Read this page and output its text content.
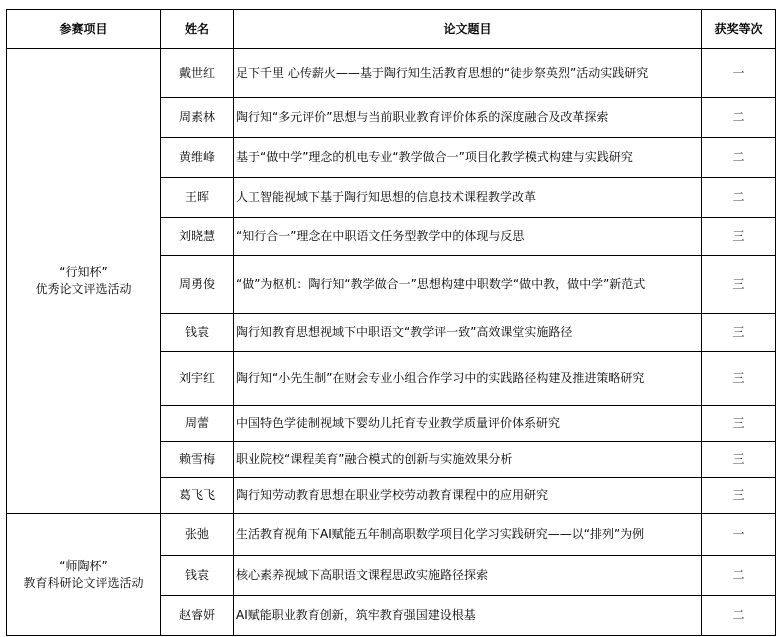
参赛项目	姓名	论文题目	获奖等次

“行知杯”
优秀论文评选活动	戴世红	足下千里 心传薪火——基于陶行知生活教育思想的“徒步祭英烈”活动实践研究	一
	周素林	陶行知“多元评价”思想与当前职业教育评价体系的深度融合及改革探索	二
	黄维峰	基于“做中学”理念的机电专业“教学做合一”项目化教学模式构建与实践研究	二
	王晖	人工智能视域下基于陶行知思想的信息技术课程教学改革	二
	刘晓慧	“知行合一”理念在中职语文任务型教学中的体现与反思	三
	周勇俊	“做”为枢机：陶行知“教学做合一”思想构建中职数学“做中教，做中学”新范式	三
	钱袁	陶行知教育思想视域下中职语文“教学评一致”高效课堂实施路径	三
	刘宇红	陶行知“小先生制”在财会专业小组合作学习中的实践路径构建及推进策略研究	三
	周蕾	中国特色学徒制视域下婴幼儿托育专业教学质量评价体系研究	三
	赖雪梅	职业院校“课程美育”融合模式的创新与实施效果分析	三
	葛飞飞	陶行知劳动教育思想在职业学校劳动教育课程中的应用研究	三

“师陶杯”
教育科研论文评选活动	张弛	生活教育视角下AI赋能五年制高职数学项目化学习实践研究——以“排列”为例	一
	钱袁	核心素养视域下高职语文课程思政实施路径探索	二
	赵睿妍	AI赋能职业教育创新，筑牢教育强国建设根基	二
